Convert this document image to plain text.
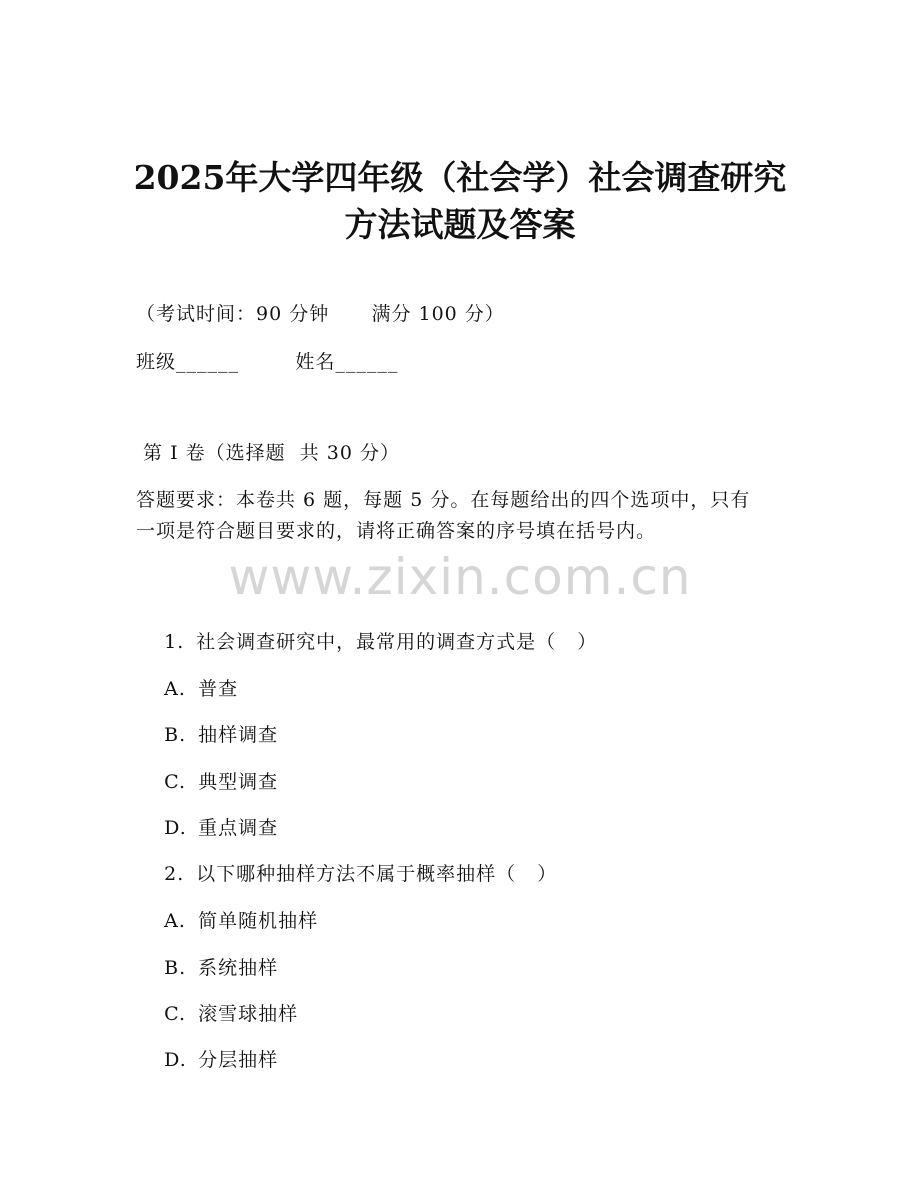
2025年大学四年级（社会学）社会调查研究
方法试题及答案
（考试时间：90 分钟      满分 100 分）
班级______        姓名______
第 I 卷（选择题  共 30 分）
答题要求：本卷共 6 题，每题 5 分。在每题给出的四个选项中，只有
一项是符合题目要求的，请将正确答案的序号填在括号内。
www.zixin.com.cn

1. 社会调查研究中，最常用的调查方式是（   ）

A. 普查

B. 抽样调查

C. 典型调查

D. 重点调查

2. 以下哪种抽样方法不属于概率抽样（   ）

A. 简单随机抽样

B. 系统抽样

C. 滚雪球抽样

D. 分层抽样
